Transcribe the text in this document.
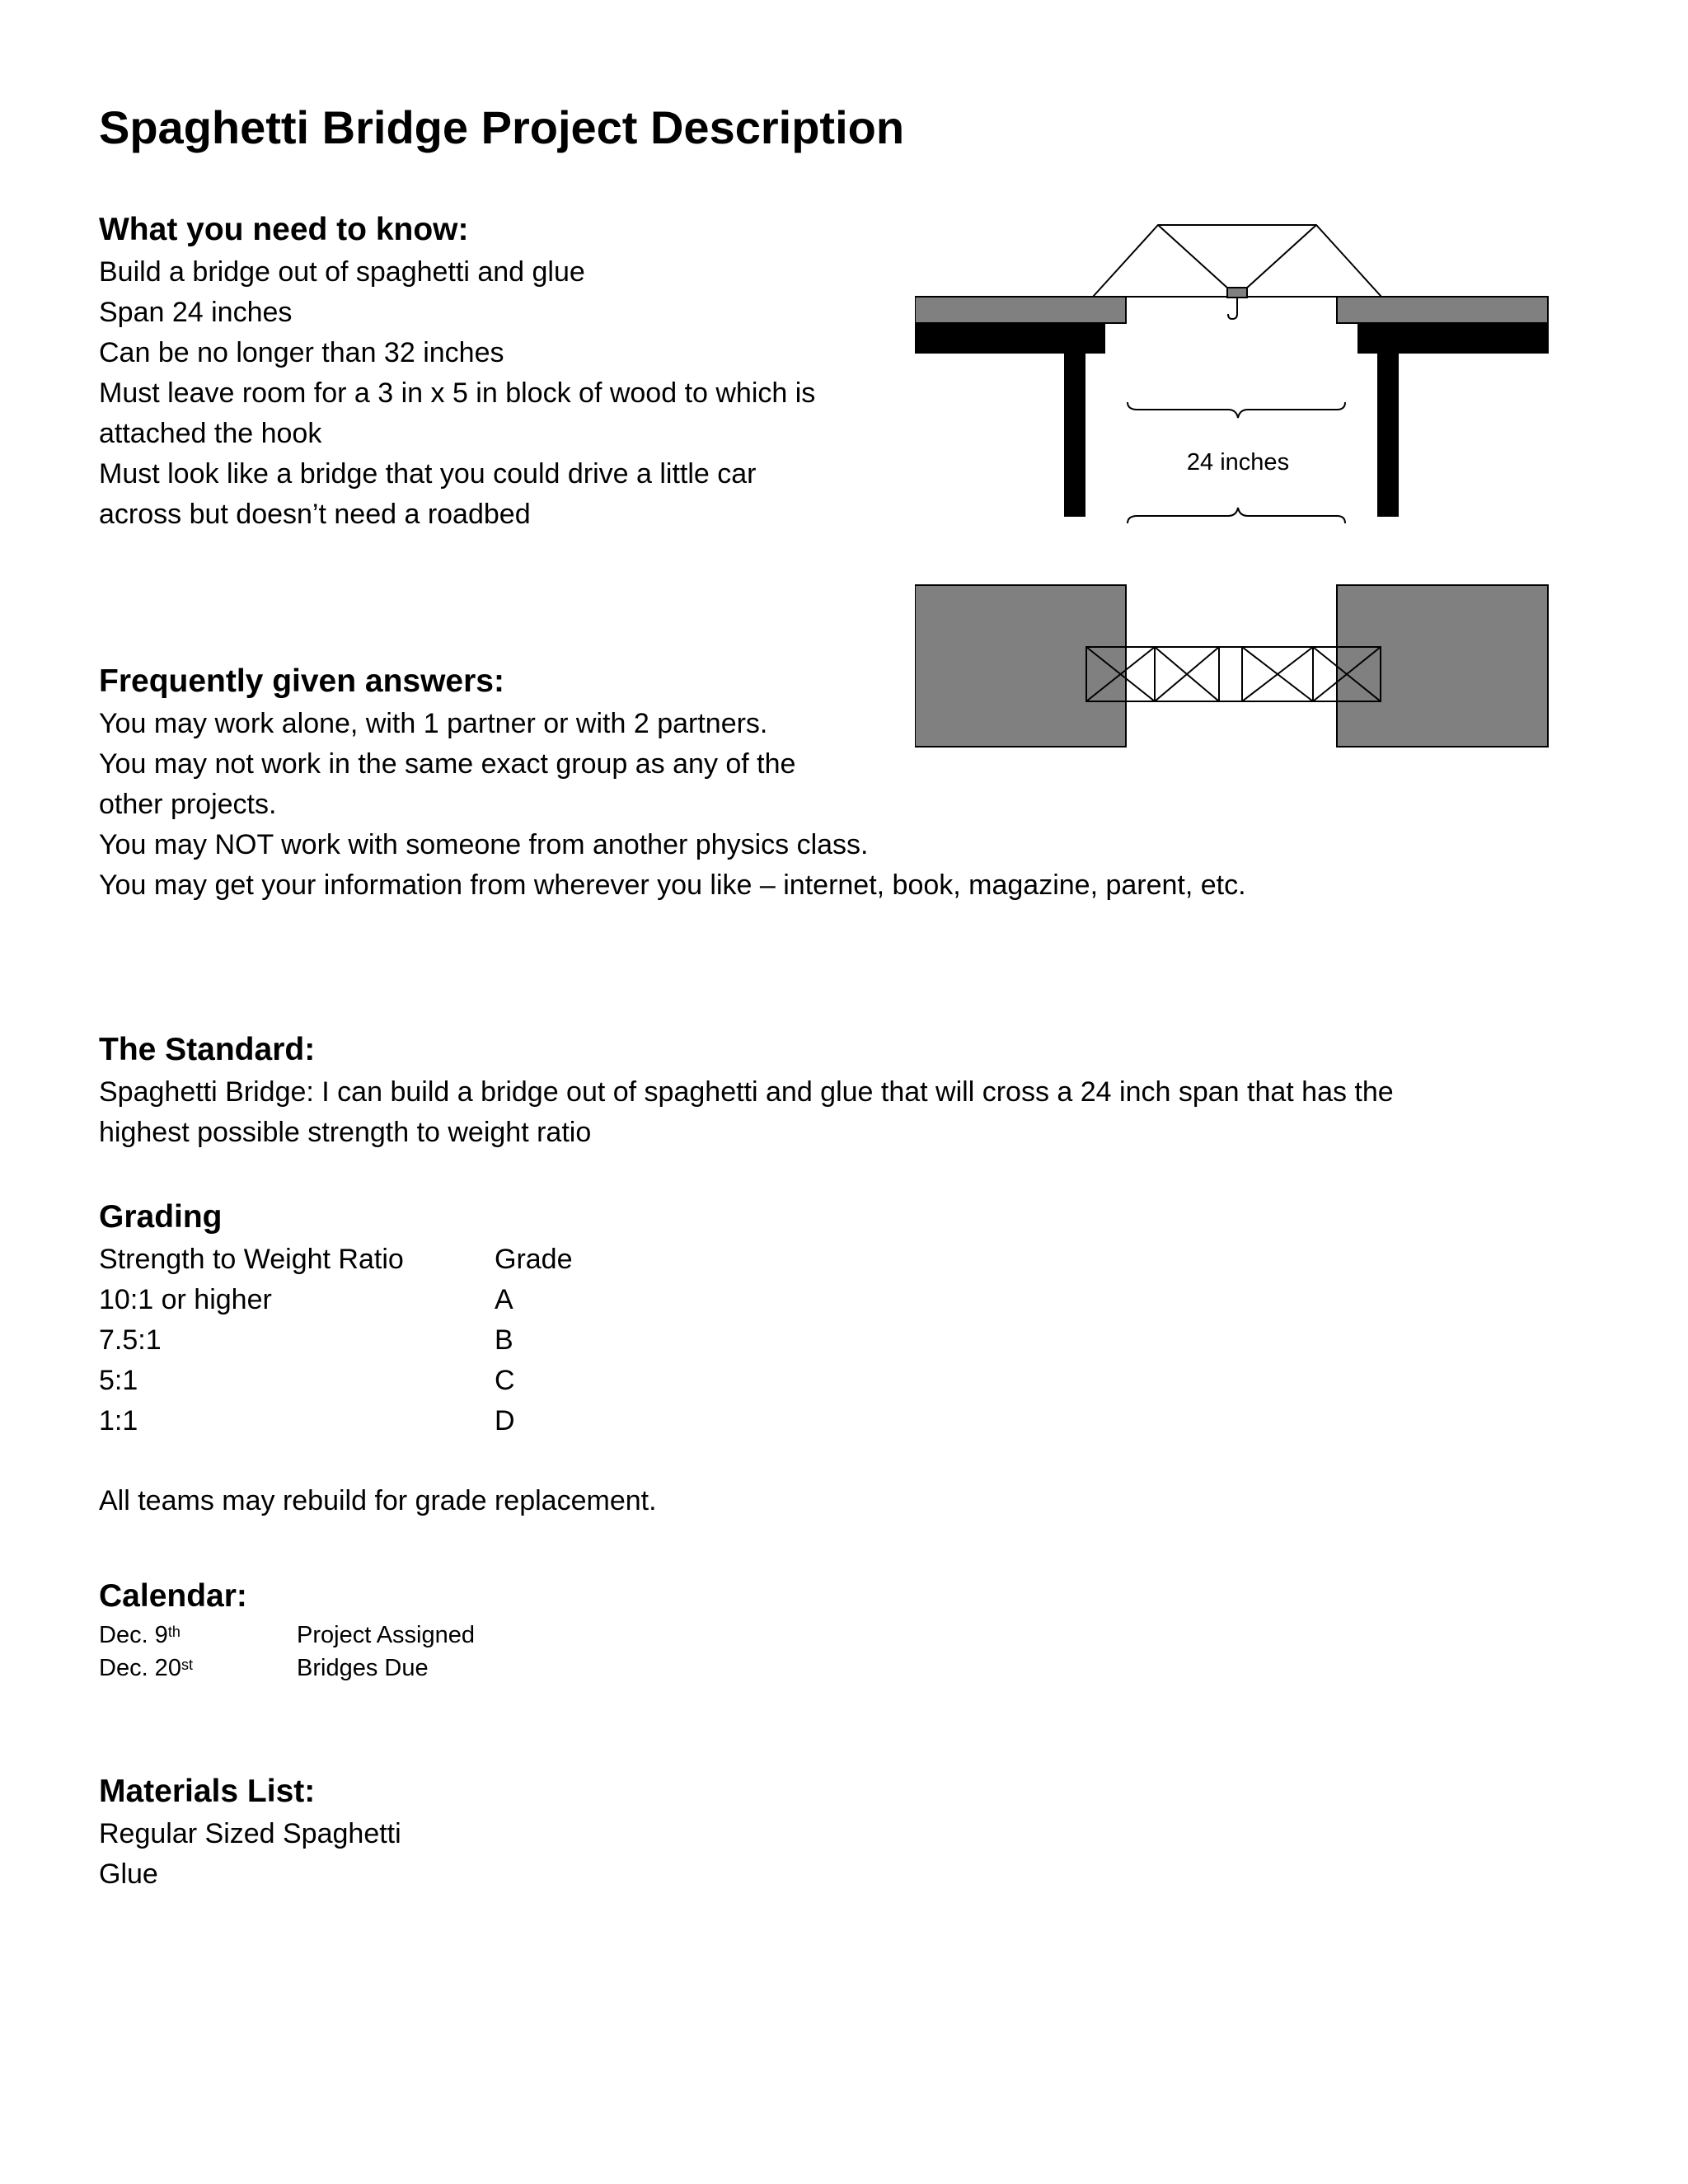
Spaghetti Bridge Project Description
What you need to know:
Build a bridge out of spaghetti and glue
Span 24 inches
Can be no longer than 32 inches
Must leave room for a 3 in x 5 in block of wood to which is
attached the hook
Must look like a bridge that you could drive a little car
across but doesn’t need a roadbed
24 inches
Frequently given answers:
You may work alone, with 1 partner or with 2 partners.
You may not work in the same exact group as any of the
other projects.
You may NOT work with someone from another physics class.
You may get your information from wherever you like – internet, book, magazine, parent, etc.
The Standard:
Spaghetti Bridge: I can build a bridge out of spaghetti and glue that will cross a 24 inch span that has the
highest possible strength to weight ratio
Grading
Strength to Weight Ratio	Grade
10:1 or higher	A
7.5:1	B
5:1	C
1:1	D
All teams may rebuild for grade replacement.
Calendar:
Dec. 9th	Project Assigned
Dec. 20st	Bridges Due
Materials List:
Regular Sized Spaghetti
Glue
